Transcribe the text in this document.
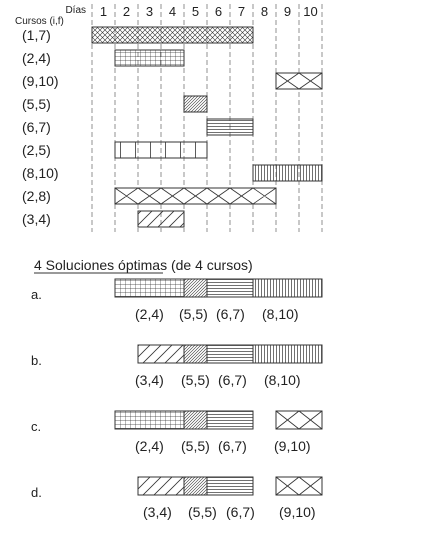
Días
Cursos (i,f)
1 2 3 4 5 6 7 8 9 10
(1,7)
(2,4)
(9,10)
(5,5)
(6,7)
(2,5)
(8,10)
(2,8)
(3,4)
4 Soluciones óptimas (de 4 cursos)
a.
(2,4) (5,5) (6,7) (8,10)
b.
(3,4) (5,5) (6,7) (8,10)
c.
(2,4) (5,5) (6,7) (9,10)
d.
(3,4) (5,5) (6,7) (9,10)
